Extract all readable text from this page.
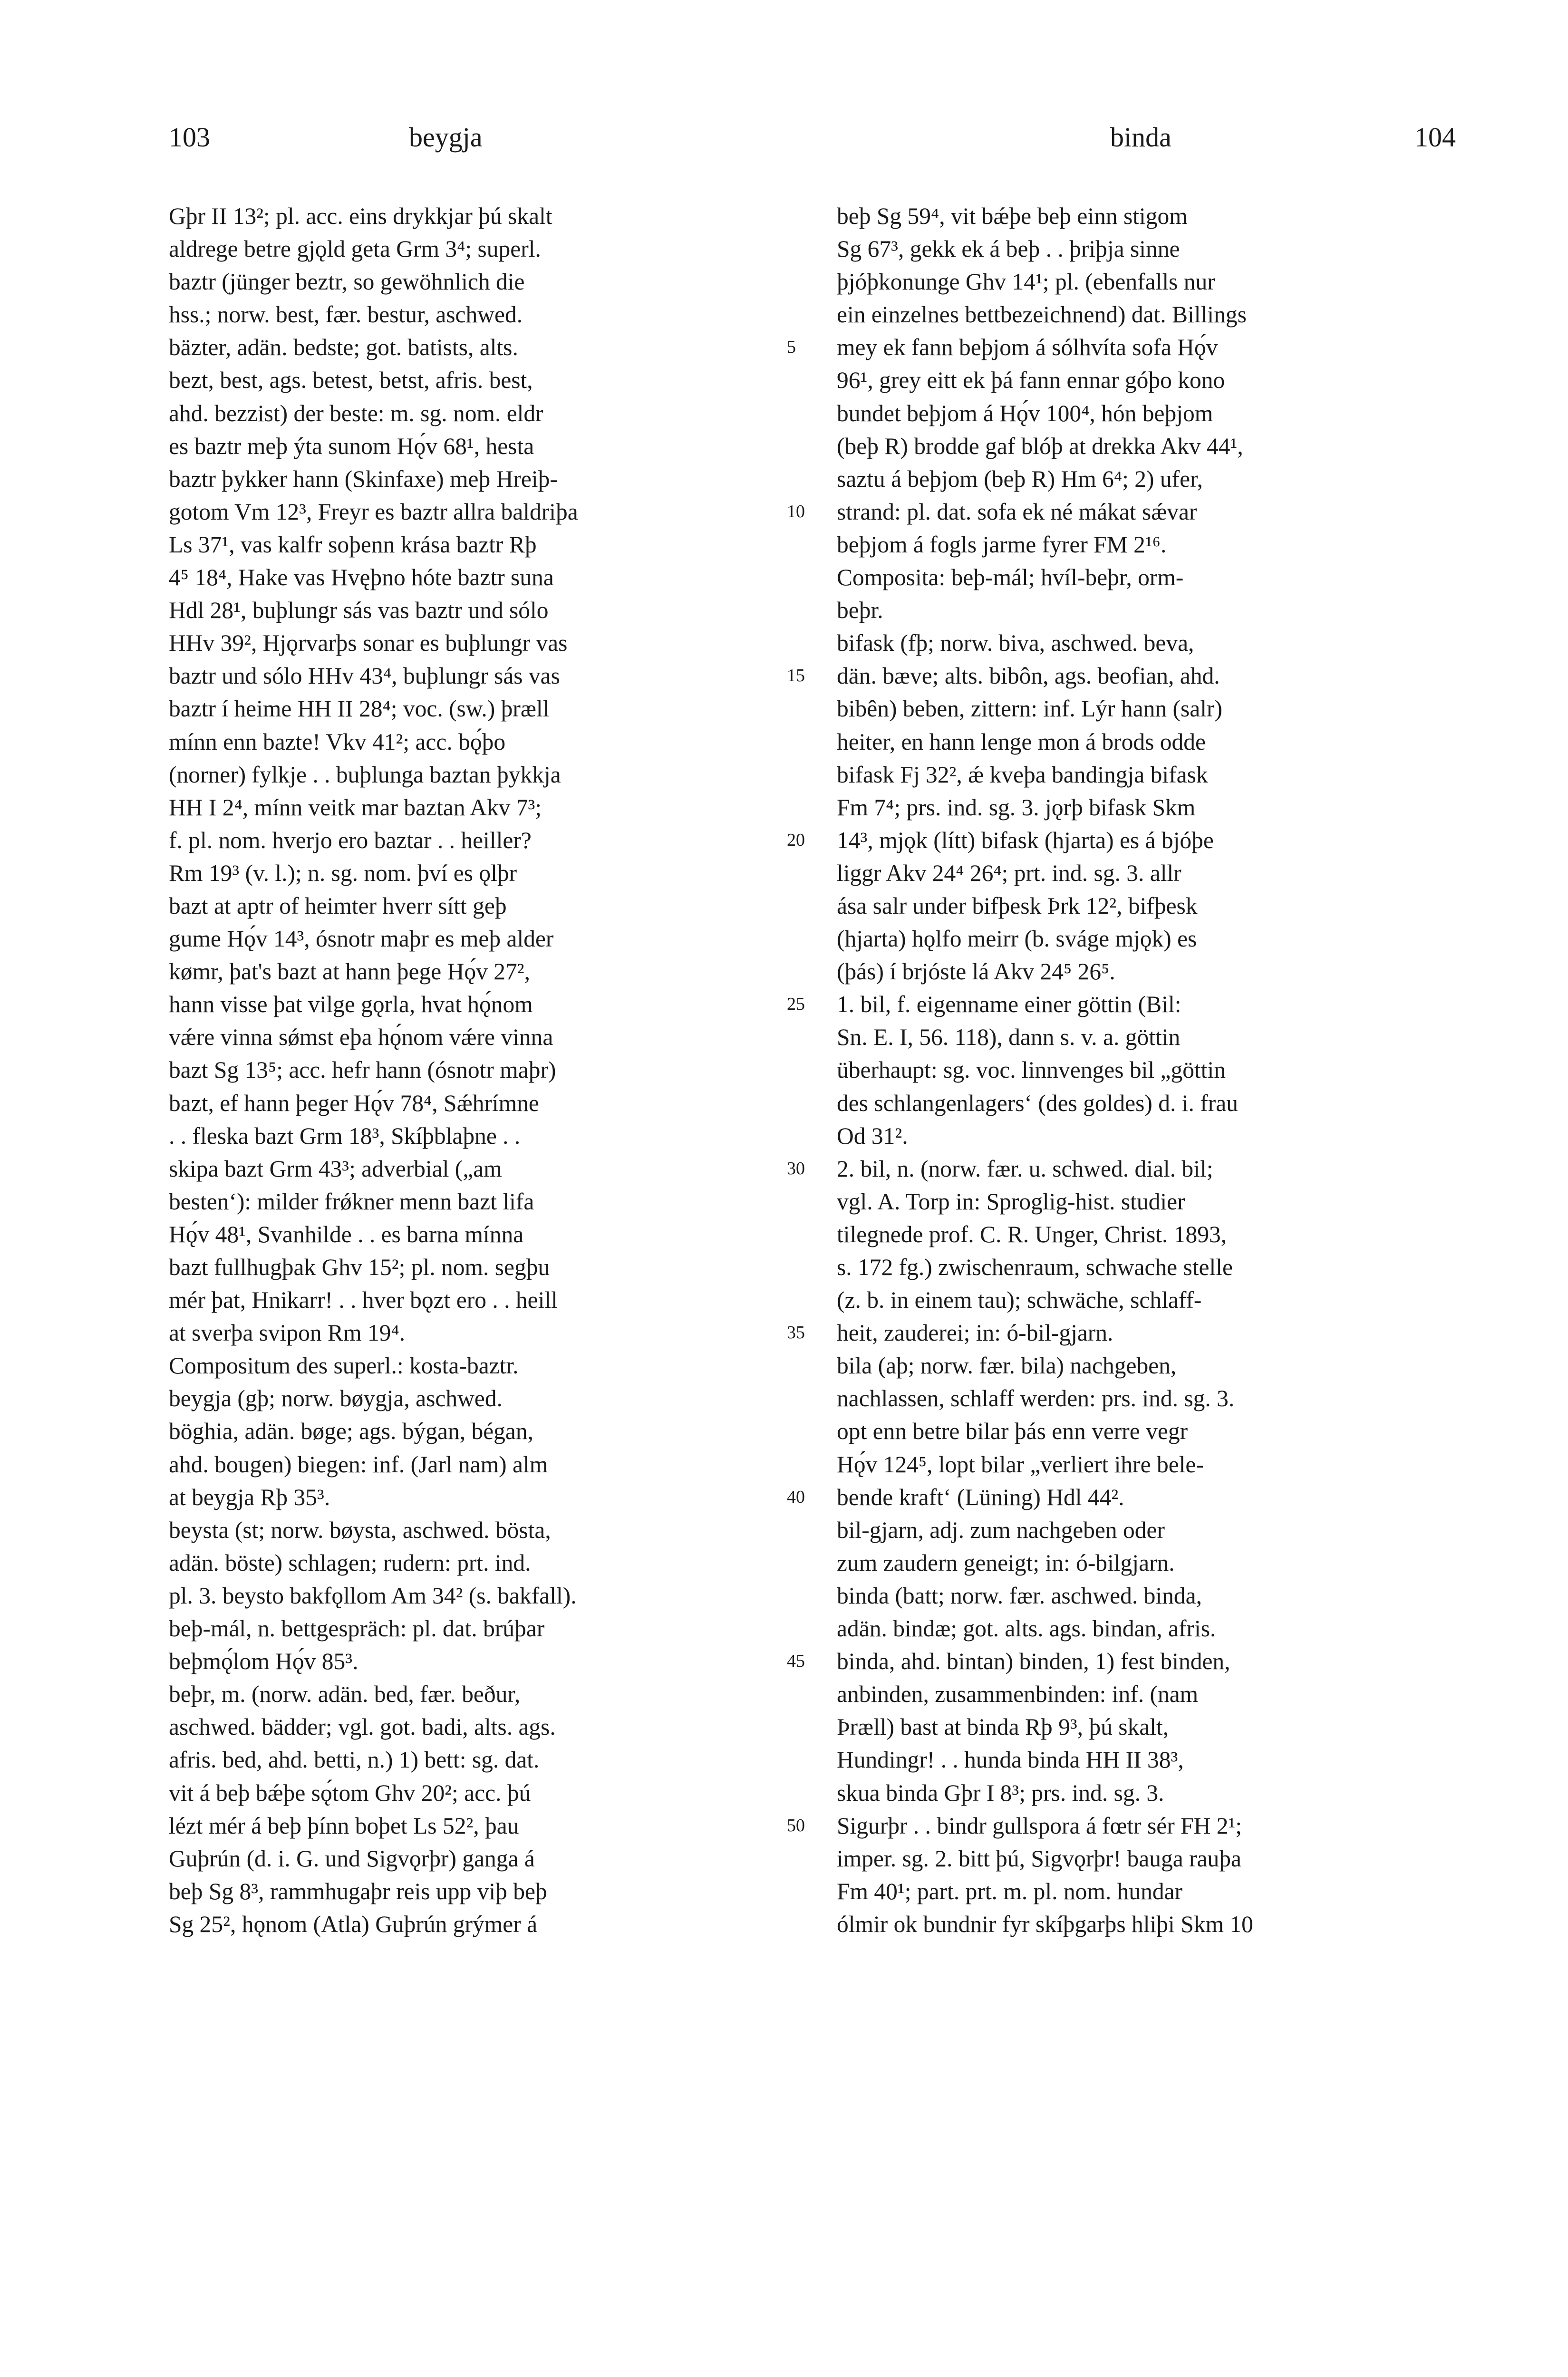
103	beygja	binda	104
Gþr II 13²; pl. acc. eins drykkjar þú skalt
aldrege betre gjǫld geta Grm 3⁴; superl.
baztr (jünger beztr, so gewöhnlich die
hss.; norw. best, fær. bestur, aschwed.
bäzter, adän. bedste; got. batists, alts.
bezt, best, ags. betest, betst, afris. best,
ahd. bezzist) der beste: m. sg. nom. eldr
es baztr meþ ýta sunom Hǫ́v 68¹, hesta
baztr þykker hann (Skinfaxe) meþ Hreiþ-
gotom Vm 12³, Freyr es baztr allra baldriþa
Ls 37¹, vas kalfr soþenn krása baztr Rþ
4⁵ 18⁴, Hake vas Hvęþno hóte baztr suna
Hdl 28¹, buþlungr sás vas baztr und sólo
HHv 39², Hjǫrvarþs sonar es buþlungr vas
baztr und sólo HHv 43⁴, buþlungr sás vas
baztr í heime HH II 28⁴; voc. (sw.) þræll
mínn enn bazte! Vkv 41²; acc. bǫ́þo
(norner) fylkje . . buþlunga baztan þykkja
HH I 2⁴, mínn veitk mar baztan Akv 7³;
f. pl. nom. hverjo ero baztar . . heiller?
Rm 19³ (v. l.); n. sg. nom. því es ǫlþr
bazt at aptr of heimter hverr sítt geþ
gume Hǫ́v 14³, ósnotr maþr es meþ alder
kømr, þat's bazt at hann þege Hǫ́v 27²,
hann visse þat vilge gǫrla, hvat hǫ́nom
vǽre vinna sǿmst eþa hǫ́nom vǽre vinna
bazt Sg 13⁵; acc. hefr hann (ósnotr maþr)
bazt, ef hann þeger Hǫ́v 78⁴, Sǽhrímne
. . fleska bazt Grm 18³, Skíþblaþne . .
skipa bazt Grm 43³; adverbial („am
besten‘): milder frǿkner menn bazt lifa
Hǫ́v 48¹, Svanhilde . . es barna mínna
bazt fullhugþak Ghv 15²; pl. nom. segþu
mér þat, Hnikarr! . . hver bǫzt ero . . heill
at sverþa svipon Rm 19⁴.
Compositum des superl.: kosta-baztr.
beygja (gþ; norw. bøygja, aschwed.
böghia, adän. bøge; ags. býgan, bégan,
ahd. bougen) biegen: inf. (Jarl nam) alm
at beygja Rþ 35³.
beysta (st; norw. bøysta, aschwed. bösta,
adän. böste) schlagen; rudern: prt. ind.
pl. 3. beysto bakfǫllom Am 34² (s. bakfall).
beþ-mál, n. bettgespräch: pl. dat. brúþar
beþmǫ́lom Hǫ́v 85³.
beþr, m. (norw. adän. bed, fær. beður,
aschwed. bädder; vgl. got. badi, alts. ags.
afris. bed, ahd. betti, n.) 1) bett: sg. dat.
vit á beþ bǽþe sǫ́tom Ghv 20²; acc. þú
lézt mér á beþ þínn boþet Ls 52², þau
Guþrún (d. i. G. und Sigvǫrþr) ganga á
beþ Sg 8³, rammhugaþr reis upp viþ beþ
Sg 25², hǫnom (Atla) Guþrún grýmer á
5
10
15
20
25
30
35
40
45
50
beþ Sg 59⁴, vit bǽþe beþ einn stigom
Sg 67³, gekk ek á beþ . . þriþja sinne
þjóþkonunge Ghv 14¹; pl. (ebenfalls nur
ein einzelnes bettbezeichnend) dat. Billings
mey ek fann beþjom á sólhvíta sofa Hǫ́v
96¹, grey eitt ek þá fann ennar góþo kono
bundet beþjom á Hǫ́v 100⁴, hón beþjom
(beþ R) brodde gaf blóþ at drekka Akv 44¹,
saztu á beþjom (beþ R) Hm 6⁴; 2) ufer,
strand: pl. dat. sofa ek né mákat sǽvar
beþjom á fogls jarme fyrer FM 2¹⁶.
Composita: beþ-mál; hvíl-beþr, orm-
beþr.
bifask (fþ; norw. biva, aschwed. beva,
dän. bæve; alts. bibôn, ags. beofian, ahd.
bibên) beben, zittern: inf. Lýr hann (salr)
heiter, en hann lenge mon á brods odde
bifask Fj 32², ǽ kveþa bandingja bifask
Fm 7⁴; prs. ind. sg. 3. jǫrþ bifask Skm
14³, mjǫk (lítt) bifask (hjarta) es á bjóþe
liggr Akv 24⁴ 26⁴; prt. ind. sg. 3. allr
ása salr under bifþesk Þrk 12², bifþesk
(hjarta) hǫlfo meirr (b. sváge mjǫk) es
(þás) í brjóste lá Akv 24⁵ 26⁵.
1. bil, f. eigenname einer göttin (Bil:
Sn. E. I, 56. 118), dann s. v. a. göttin
überhaupt: sg. voc. linnvenges bil „göttin
des schlangenlagers‘ (des goldes) d. i. frau
Od 31².
2. bil, n. (norw. fær. u. schwed. dial. bil;
vgl. A. Torp in: Sproglig-hist. studier
tilegnede prof. C. R. Unger, Christ. 1893,
s. 172 fg.) zwischenraum, schwache stelle
(z. b. in einem tau); schwäche, schlaff-
heit, zauderei; in: ó-bil-gjarn.
bila (aþ; norw. fær. bila) nachgeben,
nachlassen, schlaff werden: prs. ind. sg. 3.
opt enn betre bilar þás enn verre vegr
Hǫ́v 124⁵, lopt bilar „verliert ihre bele-
bende kraft‘ (Lüning) Hdl 44².
bil-gjarn, adj. zum nachgeben oder
zum zaudern geneigt; in: ó-bilgjarn.
binda (batt; norw. fær. aschwed. binda,
adän. bindæ; got. alts. ags. bindan, afris.
binda, ahd. bintan) binden, 1) fest binden,
anbinden, zusammenbinden: inf. (nam
Þræll) bast at binda Rþ 9³, þú skalt,
Hundingr! . . hunda binda HH II 38³,
skua binda Gþr I 8³; prs. ind. sg. 3.
Sigurþr . . bindr gullspora á fœtr sér FH 2¹;
imper. sg. 2. bitt þú, Sigvǫrþr! bauga rauþa
Fm 40¹; part. prt. m. pl. nom. hundar
ólmir ok bundnir fyr skíþgarþs hliþi Skm 10
